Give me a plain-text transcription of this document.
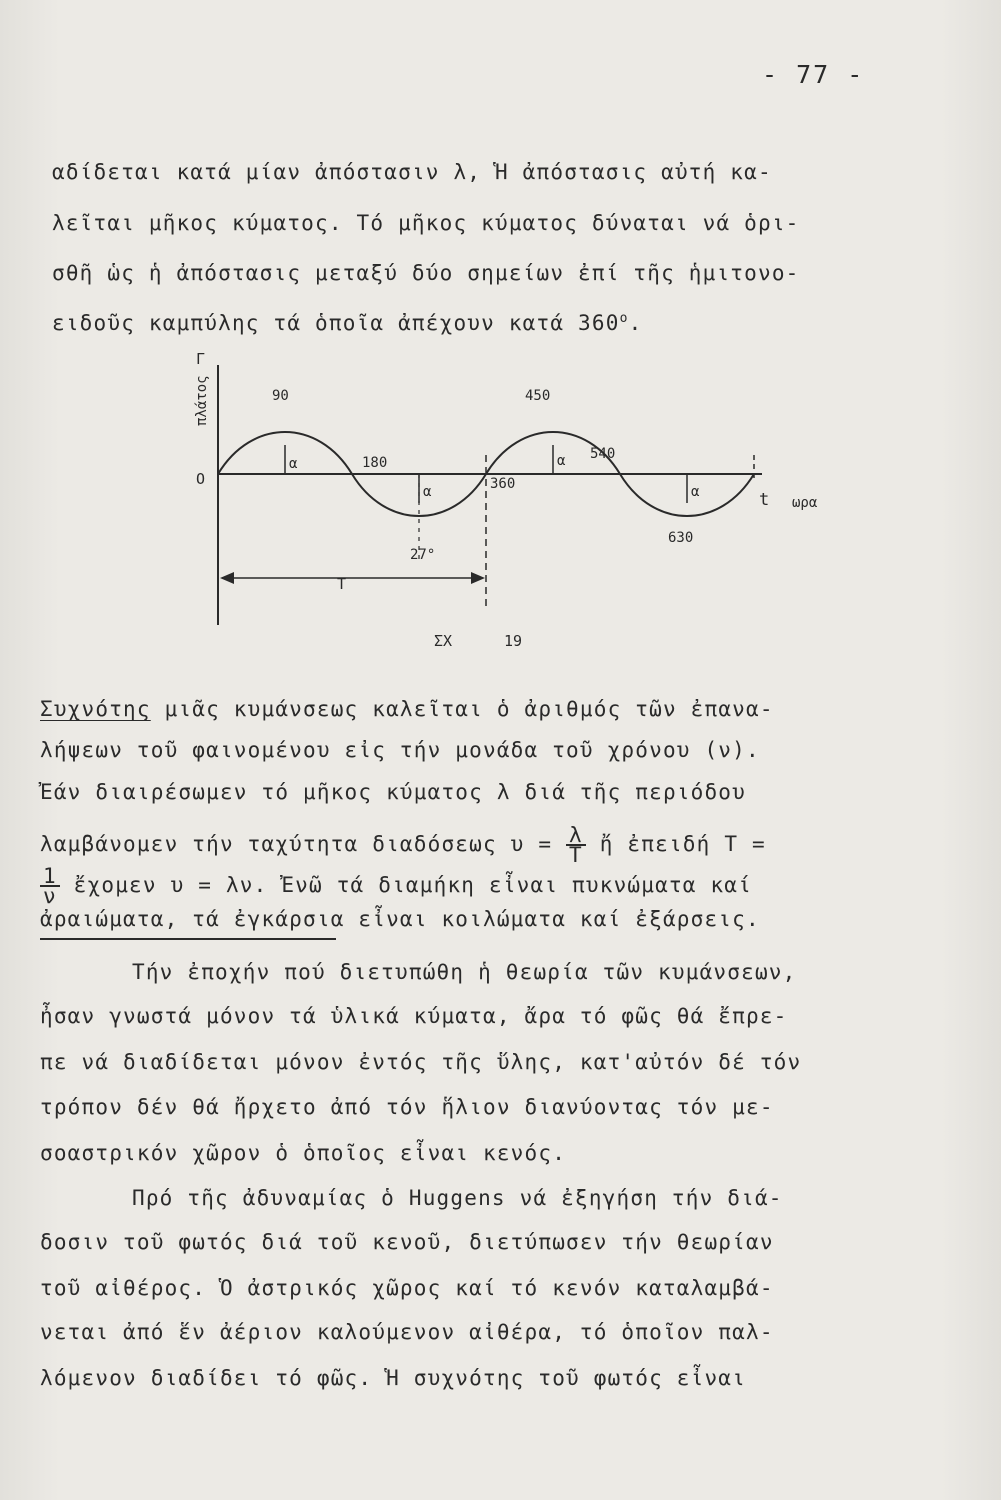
- 77 -
αδίδεται κατά μίαν ἀπόστασιν λ, Ἡ ἀπόστασις αὐτή κα-
λεῖται μῆκος κύματος. Τό μῆκος κύματος δύναται νά ὁρι-
σθῆ ὡς ἡ ἀπόστασις μεταξύ δύο σημείων ἐπί τῆς ἡμιτονο-
ειδοῦς καμπύλης τά ὁποῖα ἀπέχουν κατά $360^o$.
Γ
πλάτος
Ο
90	450
180
360
540
630
27°
α
α
α
α
Τ
t ωρα
ΣΧ	19
Συχνότης μιᾶς κυμάνσεως καλεῖται ὁ ἀριθμός τῶν ἐπανα-
λήψεων τοῦ φαινομένου εἰς τήν μονάδα τοῦ χρόνου (ν).
Ἐάν διαιρέσωμεν τό μῆκος κύματος λ διά τῆς περιόδου
λαμβάνομεν τήν ταχύτητα διαδόσεως $\upsilon = \frac{\lambda}{T}$ ἤ ἐπειδή Τ =
$\frac{1}{\nu}$ ἔχομεν υ = λν. Ἐνῶ τά διαμήκη εἶναι πυκνώματα καί
ἀραιώματα, τά ἐγκάρσια εἶναι κοιλώματα καί ἐξάρσεις.
Τήν ἐποχήν πού διετυπώθη ἡ θεωρία τῶν κυμάνσεων,
ἦσαν γνωστά μόνον τά ὑλικά κύματα, ἄρα τό φῶς θά ἔπρε-
πε νά διαδίδεται μόνον ἐντός τῆς ὕλης, κατ'αὐτόν δέ τόν
τρόπον δέν θά ἤρχετο ἀπό τόν ἥλιον διανύοντας τόν με-
σοαστρικόν χῶρον ὁ ὁποῖος εἶναι κενός.
Πρό τῆς ἀδυναμίας ὁ Huggens νά ἐξηγήση τήν διά-
δοσιν τοῦ φωτός διά τοῦ κενοῦ, διετύπωσεν τήν θεωρίαν
τοῦ αἰθέρος. Ὁ ἀστρικός χῶρος καί τό κενόν καταλαμβά-
νεται ἀπό ἕν ἀέριον καλούμενον αἰθέρα, τό ὁποῖον παλ-
λόμενον διαδίδει τό φῶς. Ἡ συχνότης τοῦ φωτός εἶναι
